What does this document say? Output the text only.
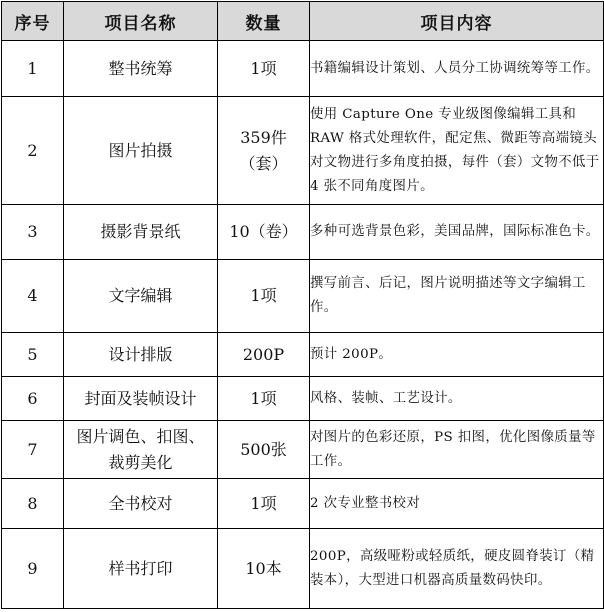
序号	项目名称	数量	项目内容
1	整书统筹	1项	书籍编辑设计策划、人员分工协调统筹等工作。
2	图片拍摄	359件（套）	使用 Capture One 专业级图像编辑工具和 RAW 格式处理软件，配定焦、微距等高端镜头对文物进行多角度拍摄，每件（套）文物不低于 4 张不同角度图片。
3	摄影背景纸	10（卷）	多种可选背景色彩，美国品牌，国际标准色卡。
4	文字编辑	1项	撰写前言、后记，图片说明描述等文字编辑工作。
5	设计排版	200P	预计 200P。
6	封面及装帧设计	1项	风格、装帧、工艺设计。
7	图片调色、扣图、裁剪美化	500张	对图片的色彩还原，PS 扣图，优化图像质量等工作。
8	全书校对	1项	2 次专业整书校对
9	样书打印	10本	200P，高级哑粉或轻质纸，硬皮圆脊装订（精装本），大型进口机器高质量数码快印。
